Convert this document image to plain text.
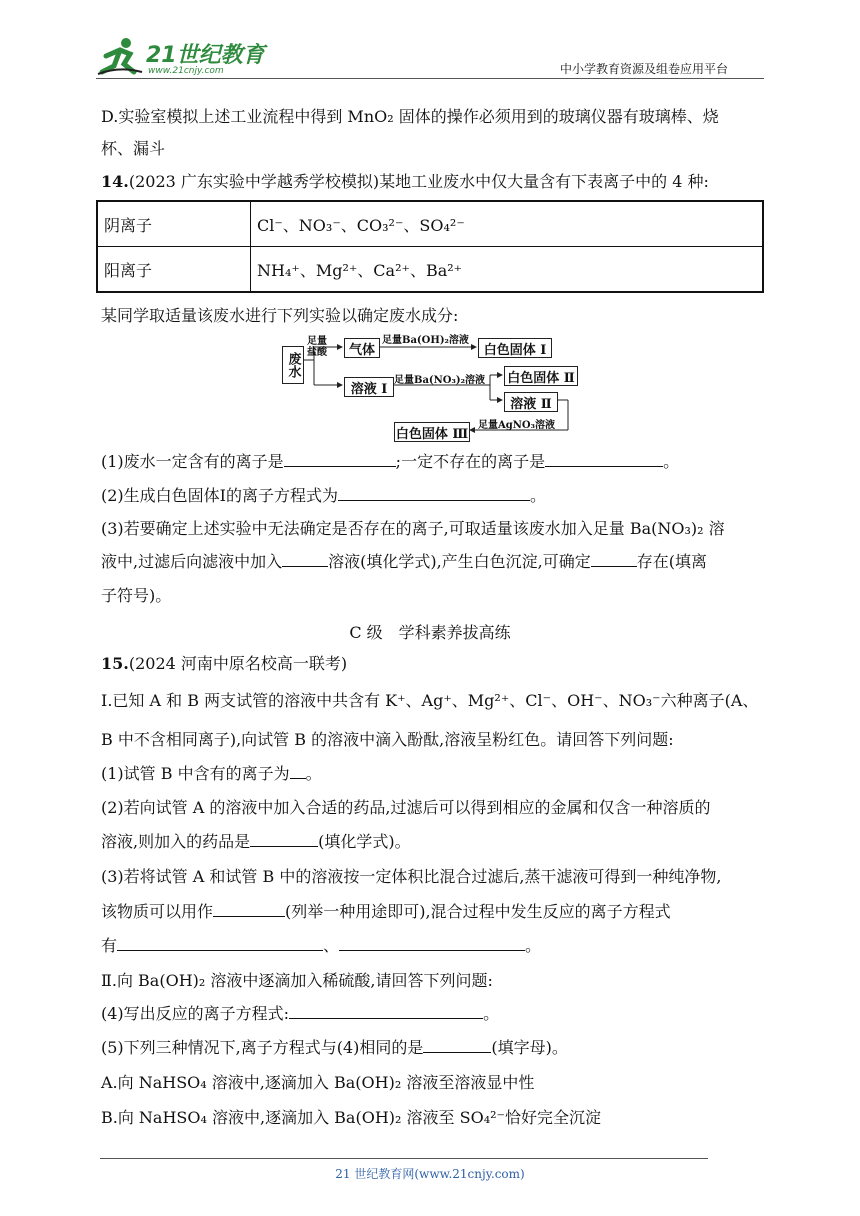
21世纪教育
www.21cnjy.com	中小学教育资源及组卷应用平台
D.实验室模拟上述工业流程中得到 MnO₂ 固体的操作必须用到的玻璃仪器有玻璃棒、烧
杯、漏斗
14.(2023 广东实验中学越秀学校模拟)某地工业废水中仅大量含有下表离子中的 4 种:
阴离子	Cl⁻、NO₃⁻、CO₃²⁻、SO₄²⁻
阳离子	NH₄⁺、Mg²⁺、Ca²⁺、Ba²⁺
某同学取适量该废水进行下列实验以确定废水成分:
废水
足量
盐酸	气体
足量Ba(OH)₂溶液
白色固体 Ⅰ
溶液 Ⅰ
足量Ba(NO₃)₂溶液 白色固体 Ⅱ
溶液 Ⅱ
足量AgNO₃溶液
白色固体 Ⅲ
(1)废水一定含有的离子是	;一定不存在的离子是	。
(2)生成白色固体Ⅰ的离子方程式为	。
(3)若要确定上述实验中无法确定是否存在的离子,可取适量该废水加入足量 Ba(NO₃)₂ 溶
液中,过滤后向滤液中加入	溶液(填化学式),产生白色沉淀,可确定	存在(填离
子符号)。
C 级　学科素养拔高练
15.(2024 河南中原名校高一联考)
Ⅰ.已知 A 和 B 两支试管的溶液中共含有 K⁺、Ag⁺、Mg²⁺、Cl⁻、OH⁻、NO₃⁻六种离子(A、
B 中不含相同离子),向试管 B 的溶液中滴入酚酞,溶液呈粉红色。请回答下列问题:
(1)试管 B 中含有的离子为 。
(2)若向试管 A 的溶液中加入合适的药品,过滤后可以得到相应的金属和仅含一种溶质的
溶液,则加入的药品是	(填化学式)。
(3)若将试管 A 和试管 B 中的溶液按一定体积比混合过滤后,蒸干滤液可得到一种纯净物,
该物质可以用作	(列举一种用途即可),混合过程中发生反应的离子方程式
有	、	。
Ⅱ.向 Ba(OH)₂ 溶液中逐滴加入稀硫酸,请回答下列问题:
(4)写出反应的离子方程式:	。
(5)下列三种情况下,离子方程式与(4)相同的是	(填字母)。
A.向 NaHSO₄ 溶液中,逐滴加入 Ba(OH)₂ 溶液至溶液显中性
B.向 NaHSO₄ 溶液中,逐滴加入 Ba(OH)₂ 溶液至 SO₄²⁻恰好完全沉淀
21 世纪教育网(www.21cnjy.com)
